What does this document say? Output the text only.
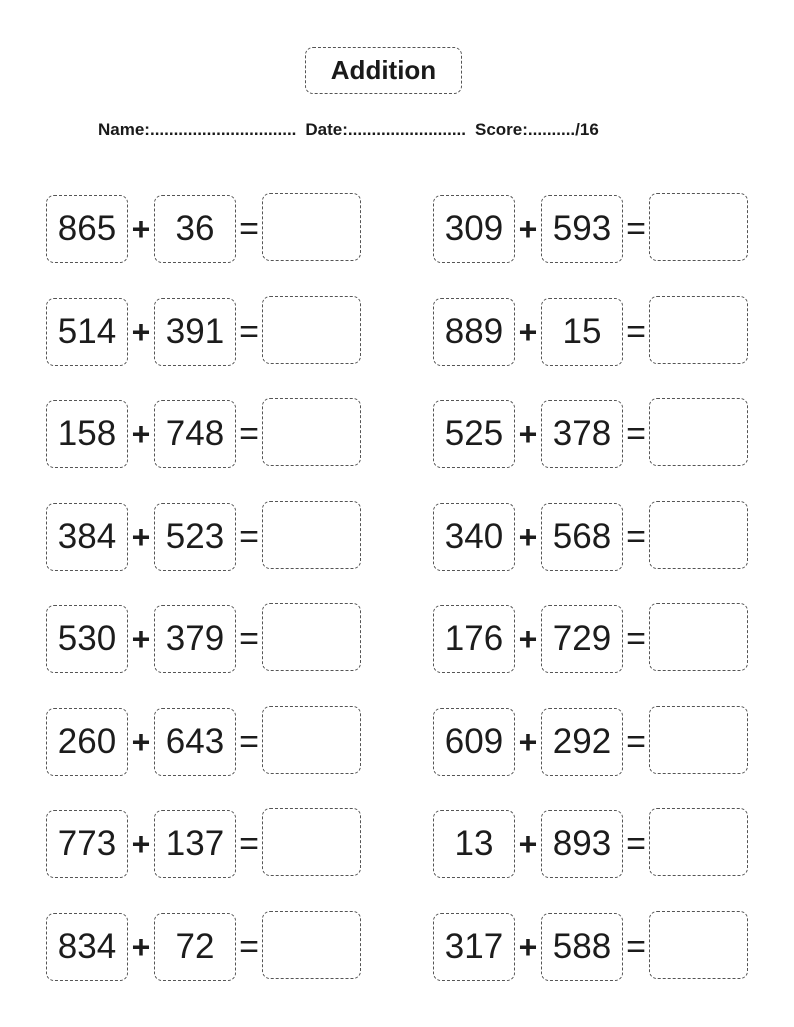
Addition
Name:............................... Date:......................... Score:........../16
865 + 36 =	309 + 593 =
514 + 391 =	889 + 15 =
158 + 748 =	525 + 378 =
384 + 523 =	340 + 568 =
530 + 379 =	176 + 729 =
260 + 643 =	609 + 292 =
773 + 137 =	13 + 893 =
834 + 72 =	317 + 588 =
